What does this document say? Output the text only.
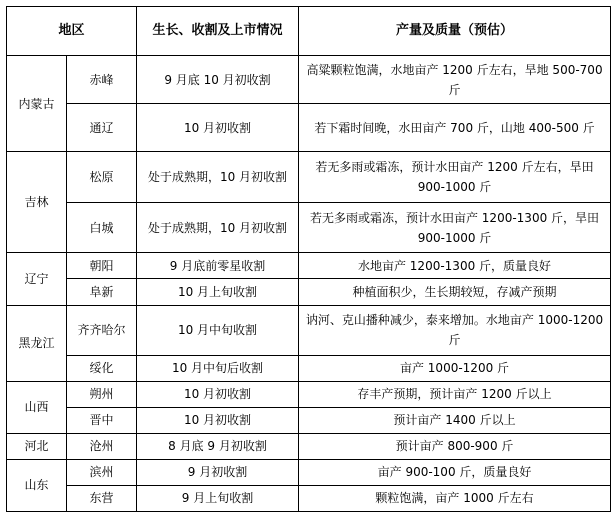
地区		生长、收割及上市情况	产量及质量（预估）
内蒙古	赤峰	9 月底 10 月初收割	高粱颗粒饱满，水地亩产 1200 斤左右，旱地 500-700 斤
	通辽	10 月初收割	若下霜时间晚，水田亩产 700 斤，山地 400-500 斤
吉林	松原	处于成熟期，10 月初收割	若无多雨或霜冻，预计水田亩产 1200 斤左右，旱田 900-1000 斤
	白城	处于成熟期，10 月初收割	若无多雨或霜冻，预计水田亩产 1200-1300 斤，旱田 900-1000 斤
辽宁	朝阳	9 月底前零星收割	水地亩产 1200-1300 斤，质量良好
	阜新	10 月上旬收割	种植面积少，生长期较短，存减产预期
黑龙江	齐齐哈尔	10 月中旬收割	讷河、克山播种减少，泰来增加。水地亩产 1000-1200 斤
	绥化	10 月中旬后收割	亩产 1000-1200 斤
山西	朔州	10 月初收割	存丰产预期，预计亩产 1200 斤以上
	晋中	10 月初收割	预计亩产 1400 斤以上
河北	沧州	8 月底 9 月初收割	预计亩产 800-900 斤
山东	滨州	9 月初收割	亩产 900-100 斤，质量良好
	东营	9 月上旬收割	颗粒饱满，亩产 1000 斤左右
